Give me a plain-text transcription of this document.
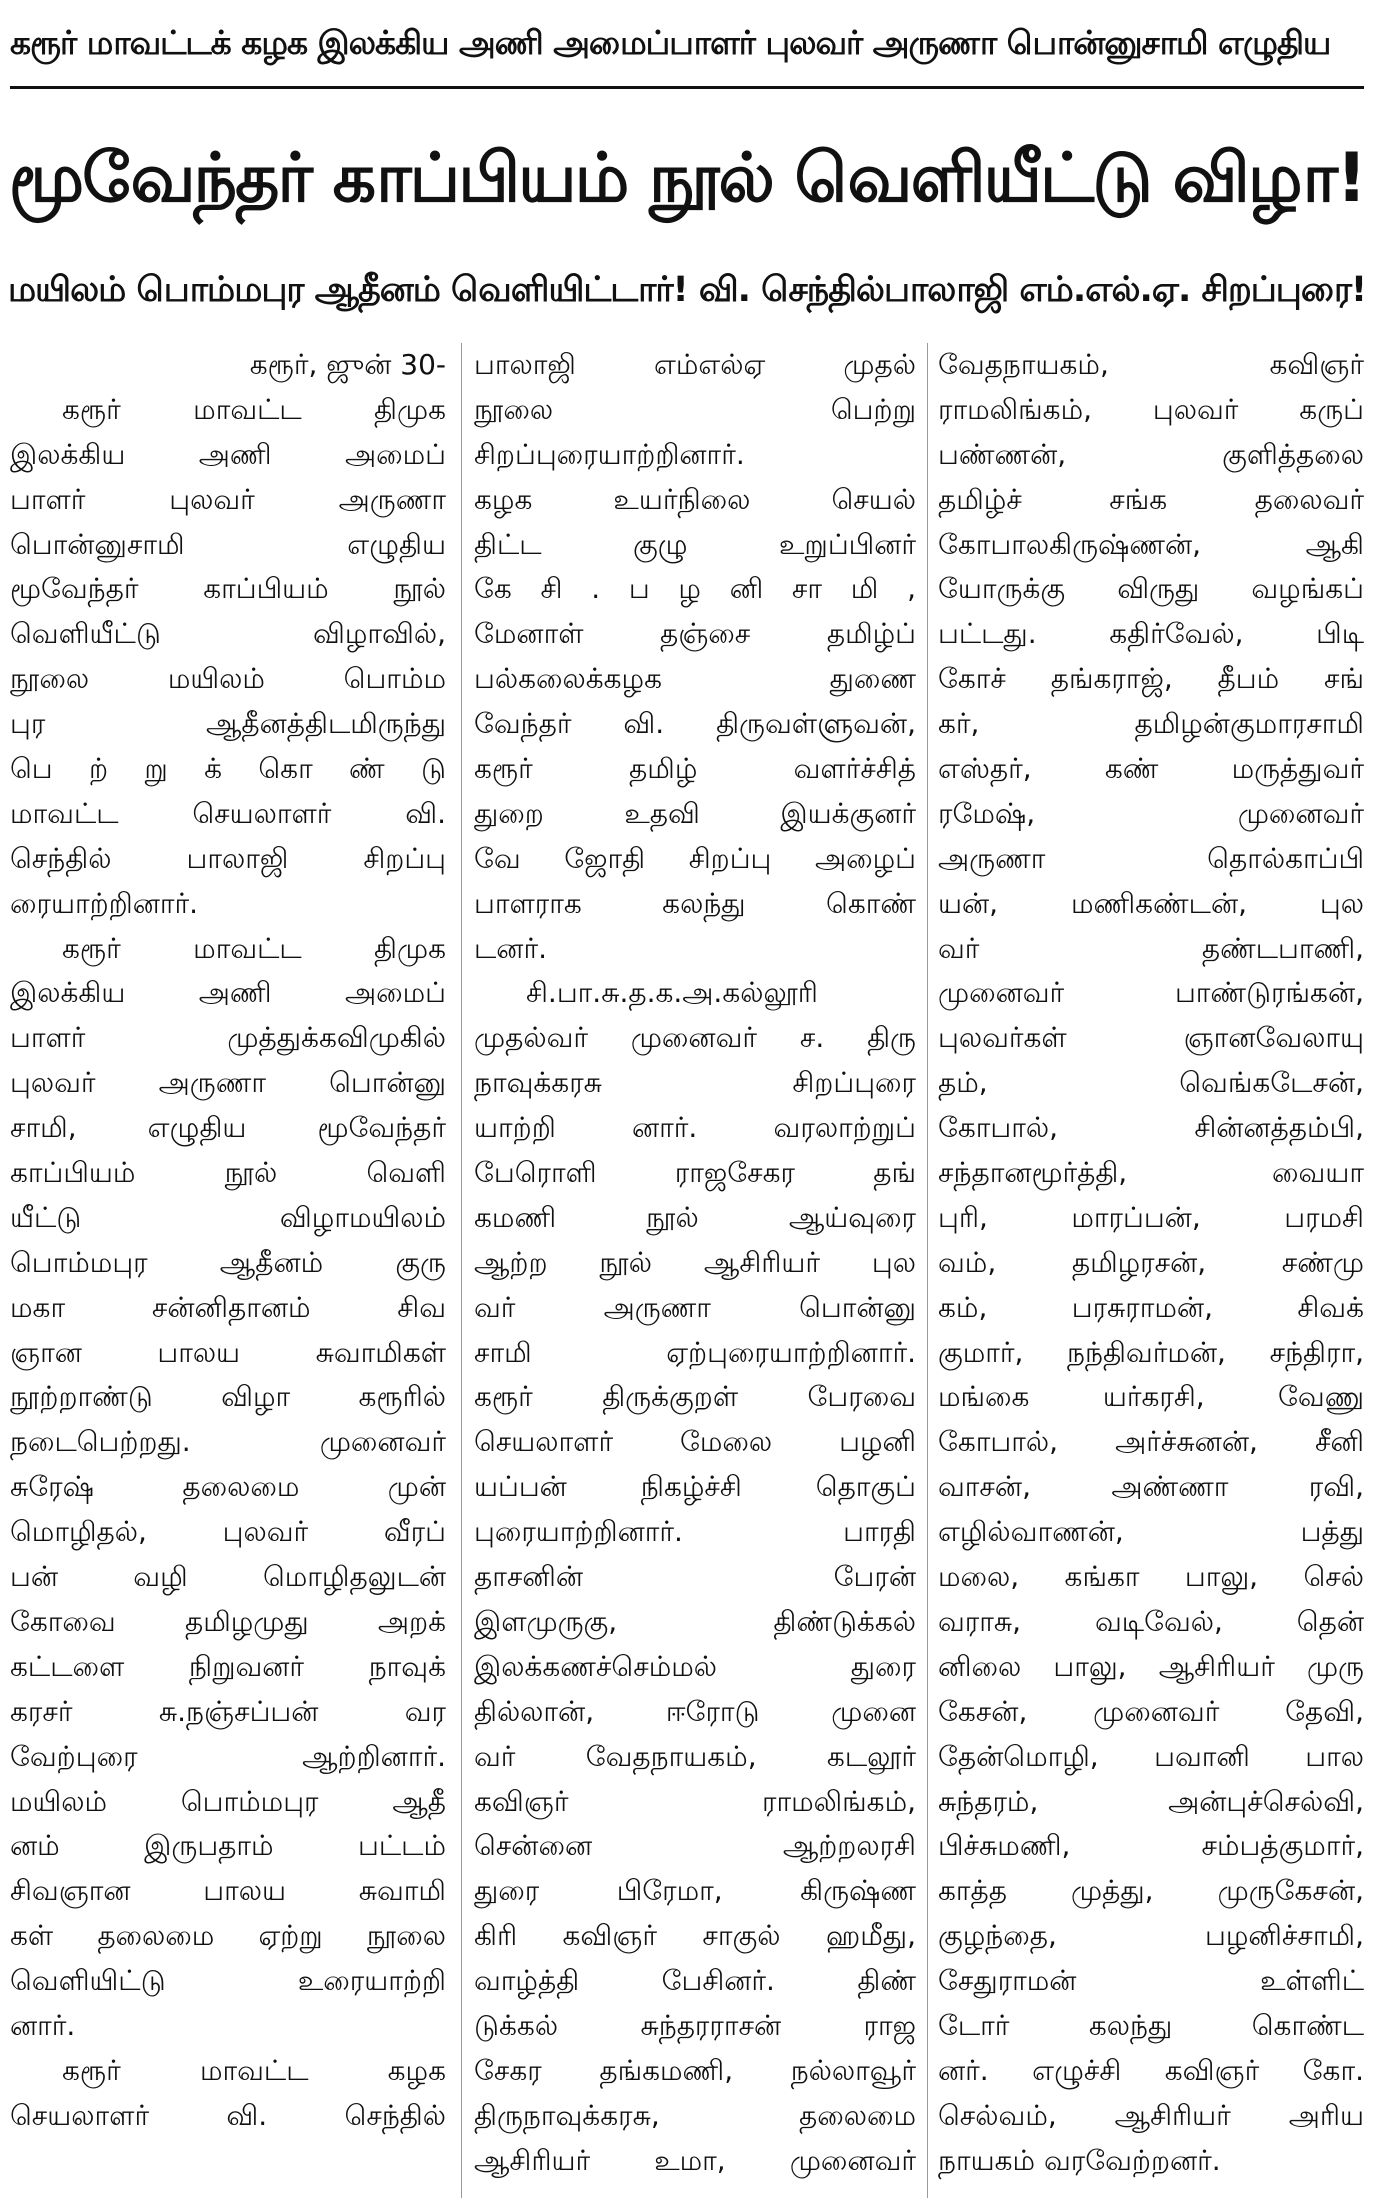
கரூர் மாவட்டக் கழக இலக்கிய அணி அமைப்பாளர் புலவர் அருணா பொன்னுசாமி எழுதிய
மூவேந்தர் காப்பியம் நூல் வெளியீட்டு விழா!
மயிலம் பொம்மபுர ஆதீனம் வெளியிட்டார்! வி. செந்தில்பாலாஜி எம்.எல்.ஏ. சிறப்புரை!
கரூர், ஜுன் 30-
கரூர் மாவட்ட திமுக
இலக்கிய அணி அமைப்
பாளர் புலவர் அருணா
பொன்னுசாமி எழுதிய
மூவேந்தர் காப்பியம் நூல்
வெளியீட்டு விழாவில்,
நூலை மயிலம் பொம்ம
புர ஆதீனத்திடமிருந்து
பெ ற் று க் கொ ண் டு
மாவட்ட செயலாளர் வி.
செந்தில் பாலாஜி சிறப்பு
ரையாற்றினார்.
கரூர் மாவட்ட திமுக
இலக்கிய அணி அமைப்
பாளர் முத்துக்கவிமுகில்
புலவர் அருணா பொன்னு
சாமி, எழுதிய மூவேந்தர்
காப்பியம் நூல் வெளி
யீட்டு விழாமயிலம்
பொம்மபுர ஆதீனம் குரு
மகா சன்னிதானம் சிவ
ஞான பாலய சுவாமிகள்
நூற்றாண்டு விழா கரூரில்
நடைபெற்றது. முனைவர்
சுரேஷ் தலைமை முன்
மொழிதல், புலவர் வீரப்
பன் வழி மொழிதலுடன்
கோவை தமிழமுது அறக்
கட்டளை நிறுவனர் நாவுக்
கரசர் சு.நஞ்சப்பன் வர
வேற்புரை ஆற்றினார்.
மயிலம் பொம்மபுர ஆதீ
னம் இருபதாம் பட்டம்
சிவஞான பாலய சுவாமி
கள் தலைமை ஏற்று நூலை
வெளியிட்டு உரையாற்றி
னார்.
கரூர் மாவட்ட கழக
செயலாளர் வி. செந்தில்
பாலாஜி எம்எல்ஏ முதல்
நூலை பெற்று
சிறப்புரையாற்றினார்.
கழக உயர்நிலை செயல்
திட்ட குழு உறுப்பினர்
கே சி . ப ழ னி சா மி ,
மேனாள் தஞ்சை தமிழ்ப்
பல்கலைக்கழக துணை
வேந்தர் வி. திருவள்ளுவன்,
கரூர் தமிழ் வளர்ச்சித்
துறை உதவி இயக்குனர்
வே ஜோதி சிறப்பு அழைப்
பாளராக கலந்து கொண்
டனர்.
சி.பா.சு.த.க.அ.கல்லூரி
முதல்வர் முனைவர் ச. திரு
நாவுக்கரசு சிறப்புரை
யாற்றி னார். வரலாற்றுப்
பேரொளி ராஜசேகர தங்
கமணி நூல் ஆய்வுரை
ஆற்ற நூல் ஆசிரியர் புல
வர் அருணா பொன்னு
சாமி ஏற்புரையாற்றினார்.
கரூர் திருக்குறள் பேரவை
செயலாளர் மேலை பழனி
யப்பன் நிகழ்ச்சி தொகுப்
புரையாற்றினார். பாரதி
தாசனின் பேரன்
இளமுருகு, திண்டுக்கல்
இலக்கணச்செம்மல் துரை
தில்லான், ஈரோடு முனை
வர் வேதநாயகம், கடலூர்
கவிஞர் ராமலிங்கம்,
சென்னை ஆற்றலரசி
துரை பிரேமா, கிருஷ்ண
கிரி கவிஞர் சாகுல் ஹமீது,
வாழ்த்தி பேசினர். திண்
டுக்கல் சுந்தரராசன் ராஜ
சேகர தங்கமணி, நல்லாவூர்
திருநாவுக்கரசு, தலைமை
ஆசிரியர் உமா, முனைவர்
வேதநாயகம், கவிஞர்
ராமலிங்கம், புலவர் கருப்
பண்ணன், குளித்தலை
தமிழ்ச் சங்க தலைவர்
கோபாலகிருஷ்ணன், ஆகி
யோருக்கு விருது வழங்கப்
பட்டது. கதிர்வேல், பிடி
கோச் தங்கராஜ், தீபம் சங்
கர், தமிழன்குமாரசாமி
எஸ்தர், கண் மருத்துவர்
ரமேஷ், முனைவர்
அருணா தொல்காப்பி
யன், மணிகண்டன், புல
வர் தண்டபாணி,
முனைவர் பாண்டுரங்கன்,
புலவர்கள் ஞானவேலாயு
தம், வெங்கடேசன்,
கோபால், சின்னத்தம்பி,
சந்தானமூர்த்தி, வையா
புரி, மாரப்பன், பரமசி
வம், தமிழரசன், சண்மு
கம், பரசுராமன், சிவக்
குமார், நந்திவர்மன், சந்திரா,
மங்கை யர்கரசி, வேணு
கோபால், அர்ச்சுனன், சீனி
வாசன், அண்ணா ரவி,
எழில்வாணன், பத்து
மலை, கங்கா பாலு, செல்
வராசு, வடிவேல், தென்
னிலை பாலு, ஆசிரியர் முரு
கேசன், முனைவர் தேவி,
தேன்மொழி, பவானி பால
சுந்தரம், அன்புச்செல்வி,
பிச்சுமணி, சம்பத்குமார்,
காத்த முத்து, முருகேசன்,
குழந்தை, பழனிச்சாமி,
சேதுராமன் உள்ளிட்
டோர் கலந்து கொண்ட
னர். எழுச்சி கவிஞர் கோ.
செல்வம், ஆசிரியர் அரிய
நாயகம் வரவேற்றனர்.
